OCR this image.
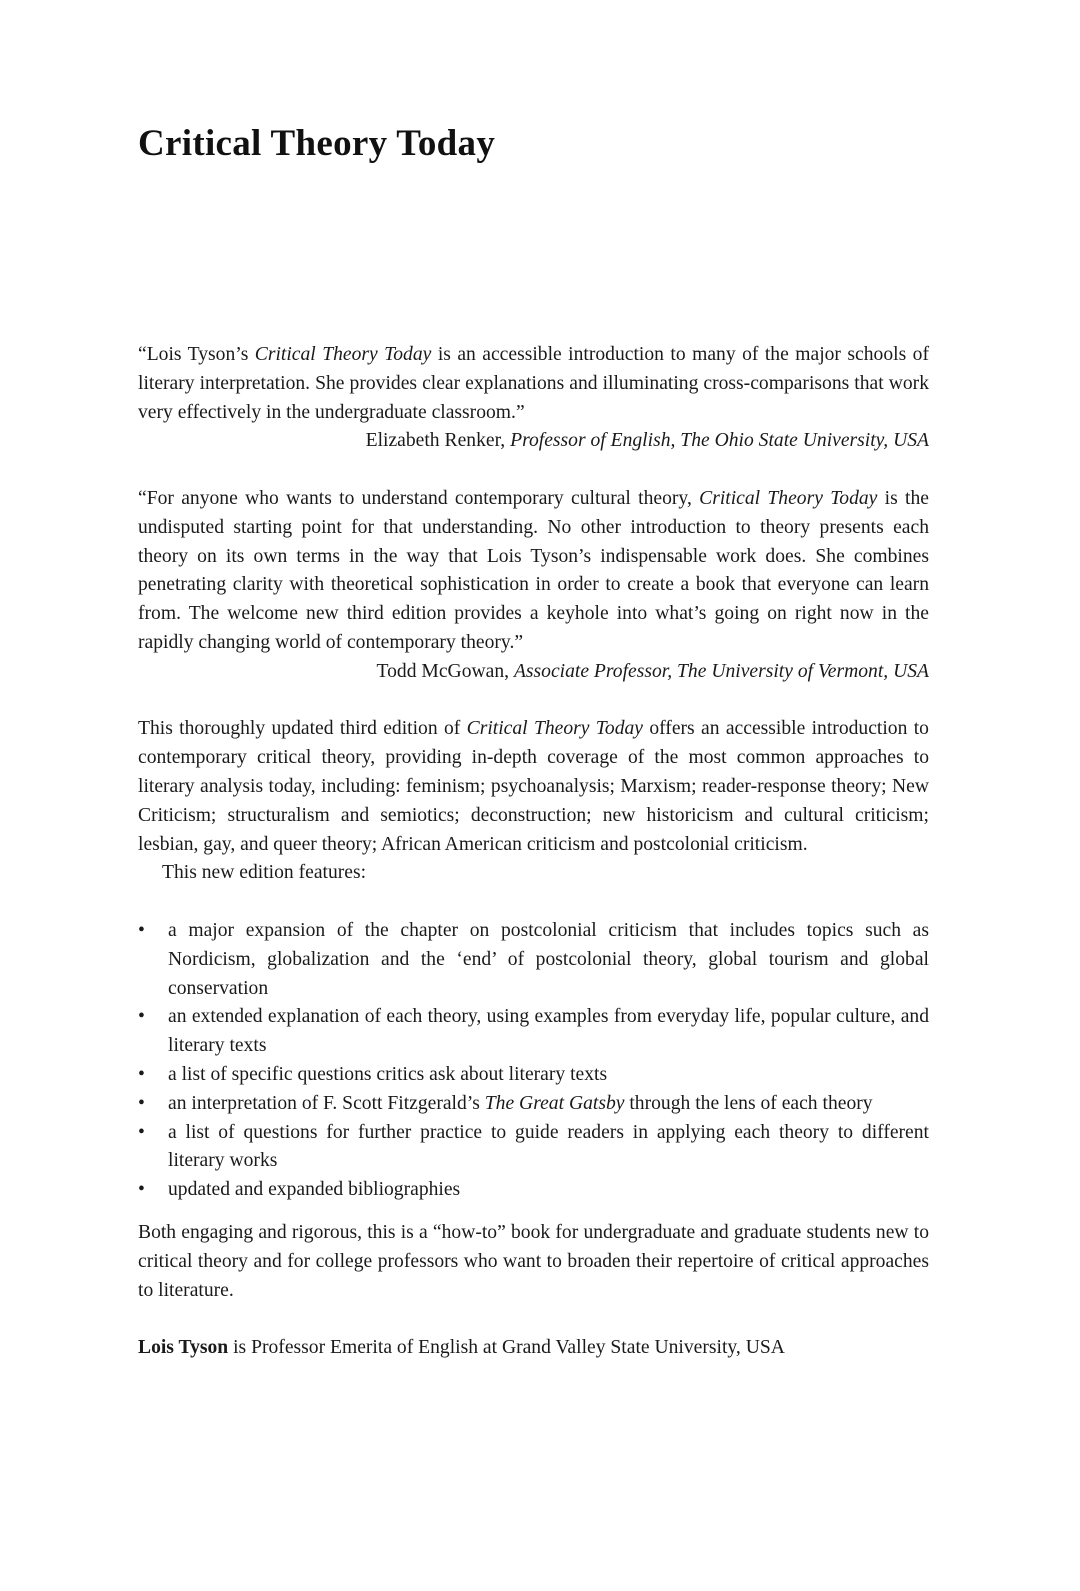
Critical Theory Today

“Lois Tyson’s Critical Theory Today is an accessible introduction to many of the major schools of literary interpretation. She provides clear explanations and illuminating cross-comparisons that work very effectively in the undergraduate classroom.”

Elizabeth Renker, Professor of English, The Ohio State University, USA

“For anyone who wants to understand contemporary cultural theory, Critical Theory Today is the undisputed starting point for that understanding. No other introduction to theory presents each theory on its own terms in the way that Lois Tyson’s indispensable work does. She combines penetrating clarity with theoretical sophistication in order to create a book that everyone can learn from. The welcome new third edition provides a keyhole into what’s going on right now in the rapidly changing world of contemporary theory.”

Todd McGowan, Associate Professor, The University of Vermont, USA

This thoroughly updated third edition of Critical Theory Today offers an accessible introduction to contemporary critical theory, providing in-depth coverage of the most common approaches to literary analysis today, including: feminism; psychoanalysis; Marxism; reader-response theory; New Criticism; structuralism and semiotics; deconstruction; new historicism and cultural criticism; lesbian, gay, and queer theory; African American criticism and postcolonial criticism.

This new edition features:

• a major expansion of the chapter on postcolonial criticism that includes topics such as Nordicism, globalization and the ‘end’ of postcolonial theory, global tourism and global conservation
• an extended explanation of each theory, using examples from everyday life, popular culture, and literary texts
• a list of specific questions critics ask about literary texts
• an interpretation of F. Scott Fitzgerald’s The Great Gatsby through the lens of each theory
• a list of questions for further practice to guide readers in applying each theory to different literary works
• updated and expanded bibliographies

Both engaging and rigorous, this is a “how-to” book for undergraduate and graduate students new to critical theory and for college professors who want to broaden their repertoire of critical approaches to literature.

Lois Tyson is Professor Emerita of English at Grand Valley State University, USA
